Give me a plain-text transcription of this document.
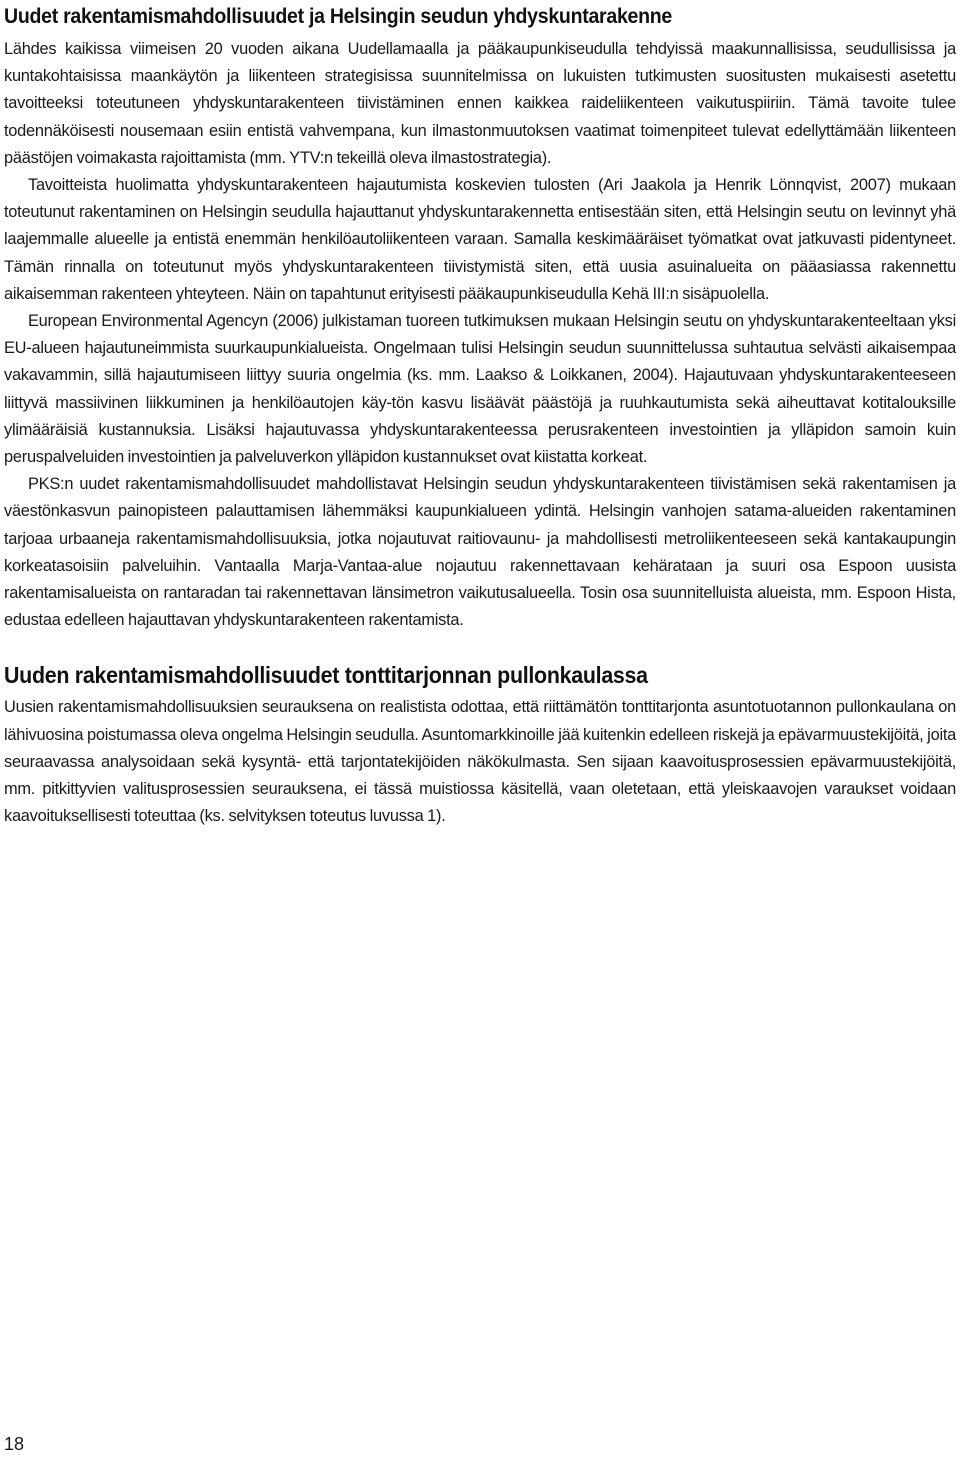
Uudet rakentamismahdollisuudet ja Helsingin seudun yhdyskuntarakenne

Lähdes kaikissa viimeisen 20 vuoden aikana Uudellamaalla ja pääkaupunkiseudulla tehdyissä maakunnallisissa, seudullisissa ja kuntakohtaisissa maankäytön ja liikenteen strategisissa suunnitelmissa on lukuisten tutkimusten suositusten mukaisesti asetettu tavoitteeksi toteutuneen yhdyskuntarakenteen tiivistäminen ennen kaikkea raideliikenteen vaikutuspiiriin. Tämä tavoite tulee todennäköisesti nousemaan esiin entistä vahvempana, kun ilmastonmuutoksen vaatimat toimenpiteet tulevat edellyttämään liikenteen päästöjen voimakasta rajoittamista (mm. YTV:n tekeillä oleva ilmastostrategia).

Tavoitteista huolimatta yhdyskuntarakenteen hajautumista koskevien tulosten (Ari Jaakola ja Henrik Lönnqvist, 2007) mukaan toteutunut rakentaminen on Helsingin seudulla hajauttanut yhdyskuntarakennetta entisestään siten, että Helsingin seutu on levinnyt yhä laajemmalle alueelle ja entistä enemmän henkilöautoliikenteen varaan. Samalla keskimääräiset työmatkat ovat jatkuvasti pidentyneet. Tämän rinnalla on toteutunut myös yhdyskuntarakenteen tiivistymistä siten, että uusia asuinalueita on pääasiassa rakennettu aikaisemman rakenteen yhteyteen. Näin on tapahtunut erityisesti pääkaupunkiseudulla Kehä III:n sisäpuolella.

European Environmental Agencyn (2006) julkistaman tuoreen tutkimuksen mukaan Helsingin seutu on yhdyskuntarakenteeltaan yksi EU-alueen hajautuneimmista suurkaupunkialueista. Ongelmaan tulisi Helsingin seudun suunnittelussa suhtautua selvästi aikaisempaa vakavammin, sillä hajautumiseen liittyy suuria ongelmia (ks. mm. Laakso & Loikkanen, 2004). Hajautuvaan yhdyskuntarakenteeseen liittyvä massiivinen liikkuminen ja henkilöautojen käy-tön kasvu lisäävät päästöjä ja ruuhkautumista sekä aiheuttavat kotitalouksille ylimääräisiä kustannuksia. Lisäksi hajautuvassa yhdyskuntarakenteessa perusrakenteen investointien ja ylläpidon samoin kuin peruspalveluiden investointien ja palveluverkon ylläpidon kustannukset ovat kiistatta korkeat.

PKS:n uudet rakentamismahdollisuudet mahdollistavat Helsingin seudun yhdyskuntarakenteen tiivistämisen sekä rakentamisen ja väestönkasvun painopisteen palauttamisen lähemmäksi kaupunkialueen ydintä. Helsingin vanhojen satama-alueiden rakentaminen tarjoaa urbaaneja rakentamismahdollisuuksia, jotka nojautuvat raitiovaunu- ja mahdollisesti metroliikenteeseen sekä kantakaupungin korkeatasoisiin palveluihin. Vantaalla Marja-Vantaa-alue nojautuu rakennettavaan kehärataan ja suuri osa Espoon uusista rakentamisalueista on rantaradan tai rakennettavan länsimetron vaikutusalueella. Tosin osa suunnitelluista alueista, mm. Espoon Hista, edustaa edelleen hajauttavan yhdyskuntarakenteen rakentamista.

Uuden rakentamismahdollisuudet tonttitarjonnan pullonkaulassa

Uusien rakentamismahdollisuuksien seurauksena on realistista odottaa, että riittämätön tonttitarjonta asuntotuotannon pullonkaulana on lähivuosina poistumassa oleva ongelma Helsingin seudulla. Asuntomarkkinoille jää kuitenkin edelleen riskejä ja epävarmuustekijöitä, joita seuraavassa analysoidaan sekä kysyntä- että tarjontatekijöiden näkökulmasta. Sen sijaan kaavoitusprosessien epävarmuustekijöitä, mm. pitkittyvien valitusprosessien seurauksena, ei tässä muistiossa käsitellä, vaan oletetaan, että yleiskaavojen varaukset voidaan kaavoituksellisesti toteuttaa (ks. selvityksen toteutus luvussa 1).

18
